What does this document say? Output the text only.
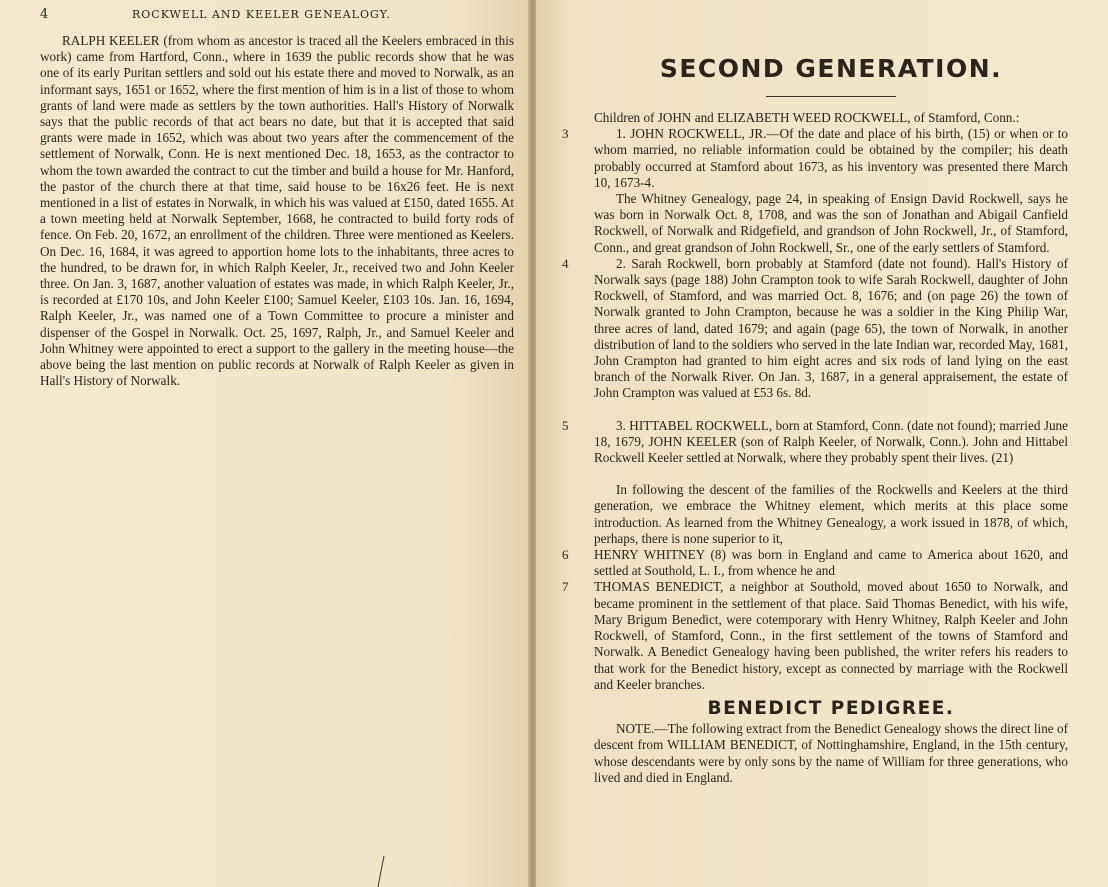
4	ROCKWELL AND KEELER GENEALOGY.

RALPH KEELER (from whom as ancestor is traced all the Keelers embraced in this work) came from Hartford, Conn., where in 1639 the public records show that he was one of its early Puritan settlers and sold out his estate there and moved to Norwalk, as an informant says, 1651 or 1652, where the first mention of him is in a list of those to whom grants of land were made as settlers by the town authorities. Hall's History of Norwalk says that the public records of that act bears no date, but that it is accepted that said grants were made in 1652, which was about two years after the commencement of the settlement of Norwalk, Conn. He is next mentioned Dec. 18, 1653, as the contractor to whom the town awarded the contract to cut the timber and build a house for Mr. Hanford, the pastor of the church there at that time, said house to be 16x26 feet. He is next mentioned in a list of estates in Norwalk, in which his was valued at £150, dated 1655. At a town meeting held at Norwalk September, 1668, he contracted to build forty rods of fence. On Feb. 20, 1672, an enrollment of the children. Three were mentioned as Keelers. On Dec. 16, 1684, it was agreed to apportion home lots to the inhabitants, three acres to the hundred, to be drawn for, in which Ralph Keeler, Jr., received two and John Keeler three. On Jan. 3, 1687, another valuation of estates was made, in which Ralph Keeler, Jr., is recorded at £170 10s, and John Keeler £100; Samuel Keeler, £103 10s. Jan. 16, 1694, Ralph Keeler, Jr., was named one of a Town Committee to procure a minister and dispenser of the Gospel in Norwalk. Oct. 25, 1697, Ralph, Jr., and Samuel Keeler and John Whitney were appointed to erect a support to the gallery in the meeting house—the above being the last mention on public records at Norwalk of Ralph Keeler as given in Hall's History of Norwalk.

SECOND GENERATION.

Children of JOHN and ELIZABETH WEED ROCKWELL, of Stamford, Conn.:

3	1. JOHN ROCKWELL, JR.—Of the date and place of his birth, (15) or when or to whom married, no reliable information could be obtained by the compiler; his death probably occurred at Stamford about 1673, as his inventory was presented there March 10, 1673-4.

The Whitney Genealogy, page 24, in speaking of Ensign David Rockwell, says he was born in Norwalk Oct. 8, 1708, and was the son of Jonathan and Abigail Canfield Rockwell, of Norwalk and Ridgefield, and grandson of John Rockwell, Jr., of Stamford, Conn., and great grandson of John Rockwell, Sr., one of the early settlers of Stamford.

4	2. Sarah Rockwell, born probably at Stamford (date not found). Hall's History of Norwalk says (page 188) John Crampton took to wife Sarah Rockwell, daughter of John Rockwell, of Stamford, and was married Oct. 8, 1676; and (on page 26) the town of Norwalk granted to John Crampton, because he was a soldier in the King Philip War, three acres of land, dated 1679; and again (page 65), the town of Norwalk, in another distribution of land to the soldiers who served in the late Indian war, recorded May, 1681, John Crampton had granted to him eight acres and six rods of land lying on the east branch of the Norwalk River. On Jan. 3, 1687, in a general appraisement, the estate of John Crampton was valued at £53 6s. 8d.

5	3. HITTABEL ROCKWELL, born at Stamford, Conn. (date not found); married June 18, 1679, JOHN KEELER (son of Ralph Keeler, of Norwalk, Conn.). John and Hittabel Rockwell Keeler settled at Norwalk, where they probably spent their lives. (21)

In following the descent of the families of the Rockwells and Keelers at the third generation, we embrace the Whitney element, which merits at this place some introduction. As learned from the Whitney Genealogy, a work issued in 1878, of which, perhaps, there is none superior to it,

6	HENRY WHITNEY (8) was born in England and came to America about 1620, and settled at Southold, L. I., from whence he and

7	THOMAS BENEDICT, a neighbor at Southold, moved about 1650 to Norwalk, and became prominent in the settlement of that place. Said Thomas Benedict, with his wife, Mary Brigum Benedict, were cotemporary with Henry Whitney, Ralph Keeler and John Rockwell, of Stamford, Conn., in the first settlement of the towns of Stamford and Norwalk. A Benedict Genealogy having been published, the writer refers his readers to that work for the Benedict history, except as connected by marriage with the Rockwell and Keeler branches.

BENEDICT PEDIGREE.

NOTE.—The following extract from the Benedict Genealogy shows the direct line of descent from WILLIAM BENEDICT, of Nottinghamshire, England, in the 15th century, whose descendants were by only sons by the name of William for three generations, who lived and died in England.
